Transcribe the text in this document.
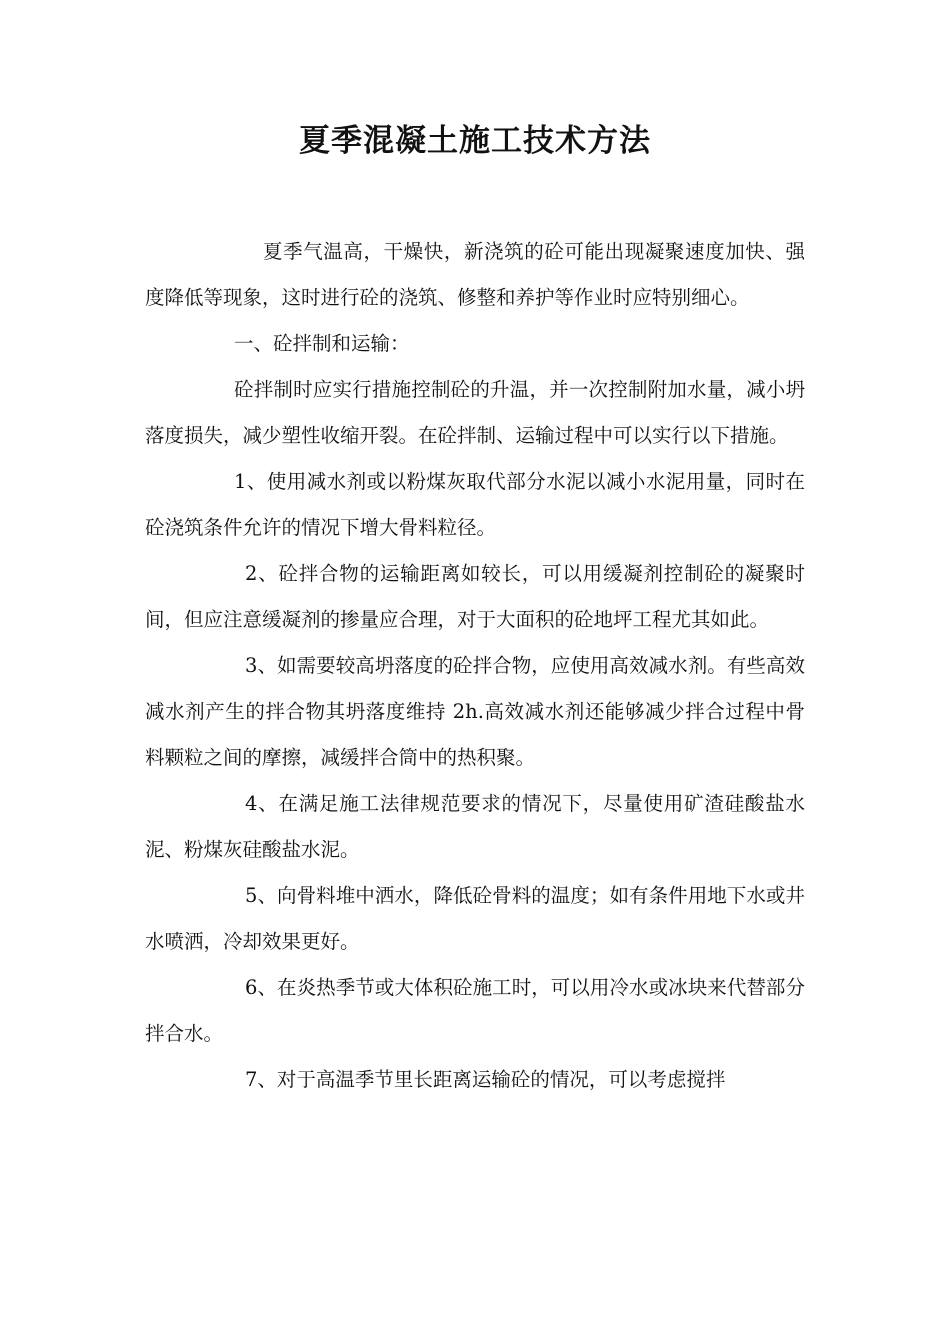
夏季混凝土施工技术方法

夏季气温高，干燥快，新浇筑的砼可能出现凝聚速度加快、强度降低等现象，这时进行砼的浇筑、修整和养护等作业时应特别细心。

一、砼拌制和运输：

砼拌制时应实行措施控制砼的升温，并一次控制附加水量，减小坍落度损失，减少塑性收缩开裂。在砼拌制、运输过程中可以实行以下措施。

1、使用减水剂或以粉煤灰取代部分水泥以减小水泥用量，同时在砼浇筑条件允许的情况下增大骨料粒径。

2、砼拌合物的运输距离如较长，可以用缓凝剂控制砼的凝聚时间，但应注意缓凝剂的掺量应合理，对于大面积的砼地坪工程尤其如此。

3、如需要较高坍落度的砼拌合物，应使用高效减水剂。有些高效减水剂产生的拌合物其坍落度维持 2h.高效减水剂还能够减少拌合过程中骨料颗粒之间的摩擦，减缓拌合筒中的热积聚。

4、在满足施工法律规范要求的情况下，尽量使用矿渣硅酸盐水泥、粉煤灰硅酸盐水泥。

5、向骨料堆中洒水，降低砼骨料的温度；如有条件用地下水或井水喷洒，冷却效果更好。

6、在炎热季节或大体积砼施工时，可以用冷水或冰块来代替部分拌合水。

7、对于高温季节里长距离运输砼的情况，可以考虑搅拌
